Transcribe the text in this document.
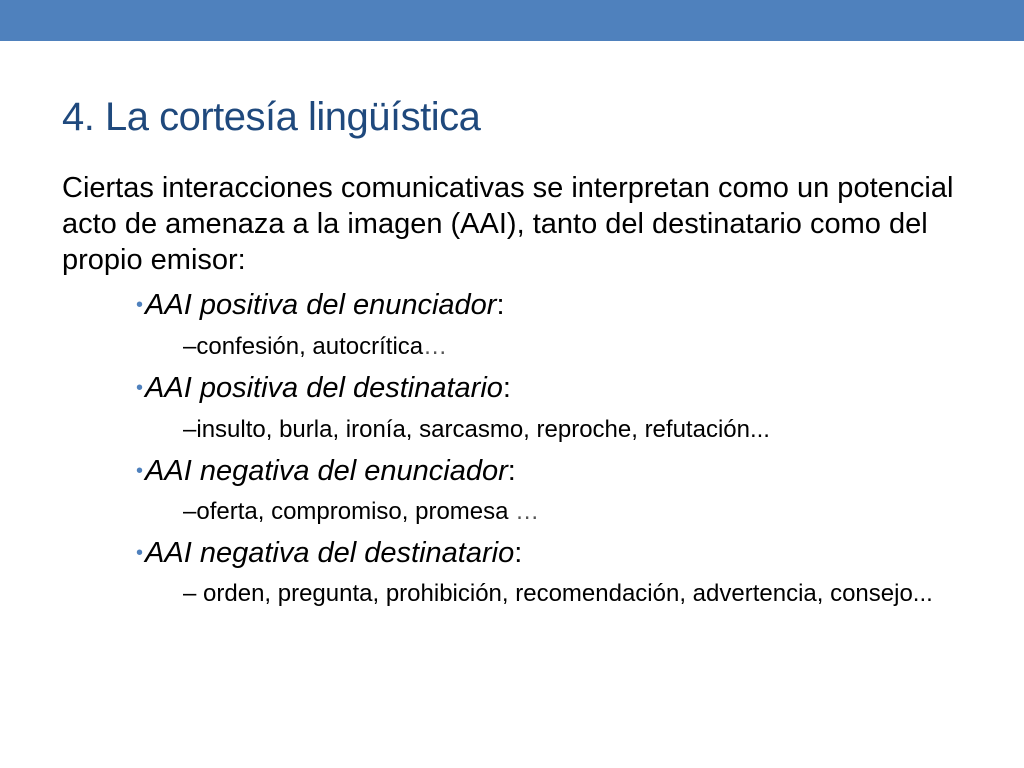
4. La cortesía lingüística
Ciertas interacciones comunicativas se interpretan como un potencial acto de amenaza a la imagen (AAI), tanto del destinatario como del propio emisor:
•AAI positiva del enunciador:
–confesión, autocrítica…
•AAI positiva del destinatario:
–insulto, burla, ironía, sarcasmo, reproche, refutación...
•AAI negativa del enunciador:
–oferta, compromiso, promesa …
•AAI negativa del destinatario:
– orden, pregunta, prohibición, recomendación, advertencia, consejo...
